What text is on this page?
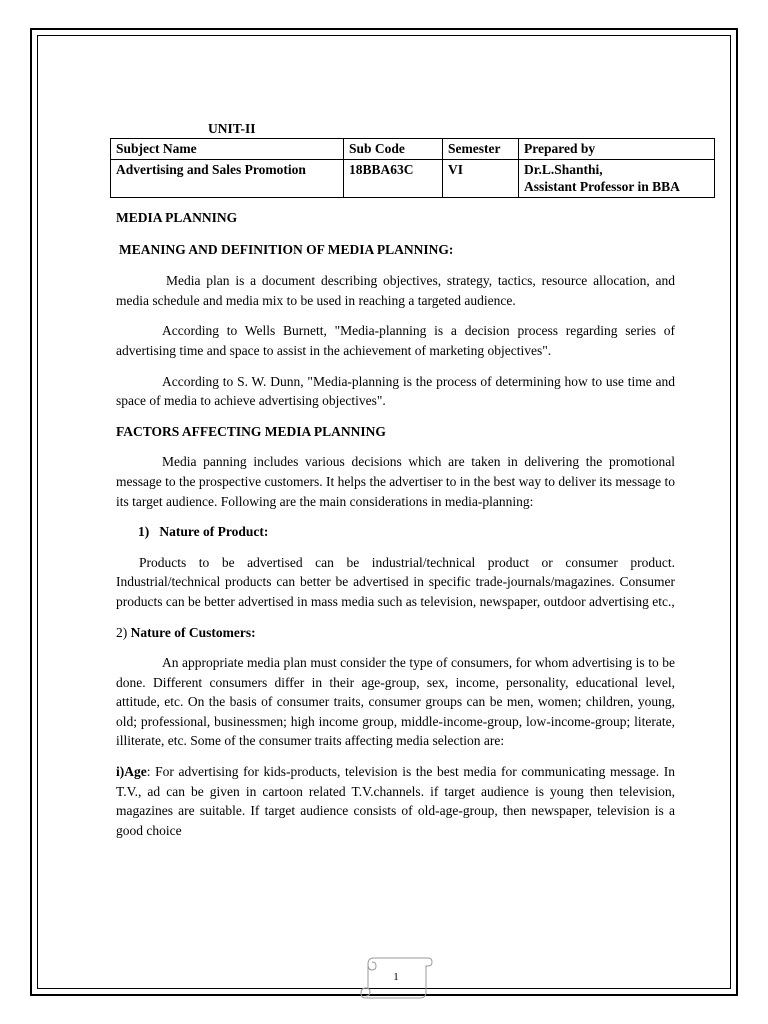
UNIT-II
Subject Name	Sub Code	Semester	Prepared by
Advertising and Sales Promotion	18BBA63C	VI	Dr.L.Shanthi,
Assistant Professor in BBA

MEDIA PLANNING

MEANING AND DEFINITION OF MEDIA PLANNING:

Media plan is a document describing objectives, strategy, tactics, resource allocation, and media schedule and media mix to be used in reaching a targeted audience.

According to Wells Burnett, "Media-planning is a decision process regarding series of advertising time and space to assist in the achievement of marketing objectives".

According to S. W. Dunn, "Media-planning is the process of determining how to use time and space of media to achieve advertising objectives".

FACTORS AFFECTING MEDIA PLANNING

Media panning includes various decisions which are taken in delivering the promotional message to the prospective customers. It helps the advertiser to in the best way to deliver its message to its target audience. Following are the main considerations in media-planning:

1) Nature of Product:

Products to be advertised can be industrial/technical product or consumer product. Industrial/technical products can better be advertised in specific trade-journals/magazines. Consumer products can be better advertised in mass media such as television, newspaper, outdoor advertising etc.,

2) Nature of Customers:

An appropriate media plan must consider the type of consumers, for whom advertising is to be done. Different consumers differ in their age-group, sex, income, personality, educational level, attitude, etc. On the basis of consumer traits, consumer groups can be men, women; children, young, old; professional, businessmen; high income group, middle-income-group, low-income-group; literate, illiterate, etc. Some of the consumer traits affecting media selection are:

i)Age: For advertising for kids-products, television is the best media for communicating message. In T.V., ad can be given in cartoon related T.V.channels. if target audience is young then television, magazines are suitable. If target audience consists of old-age-group, then newspaper, television is a good choice

1
